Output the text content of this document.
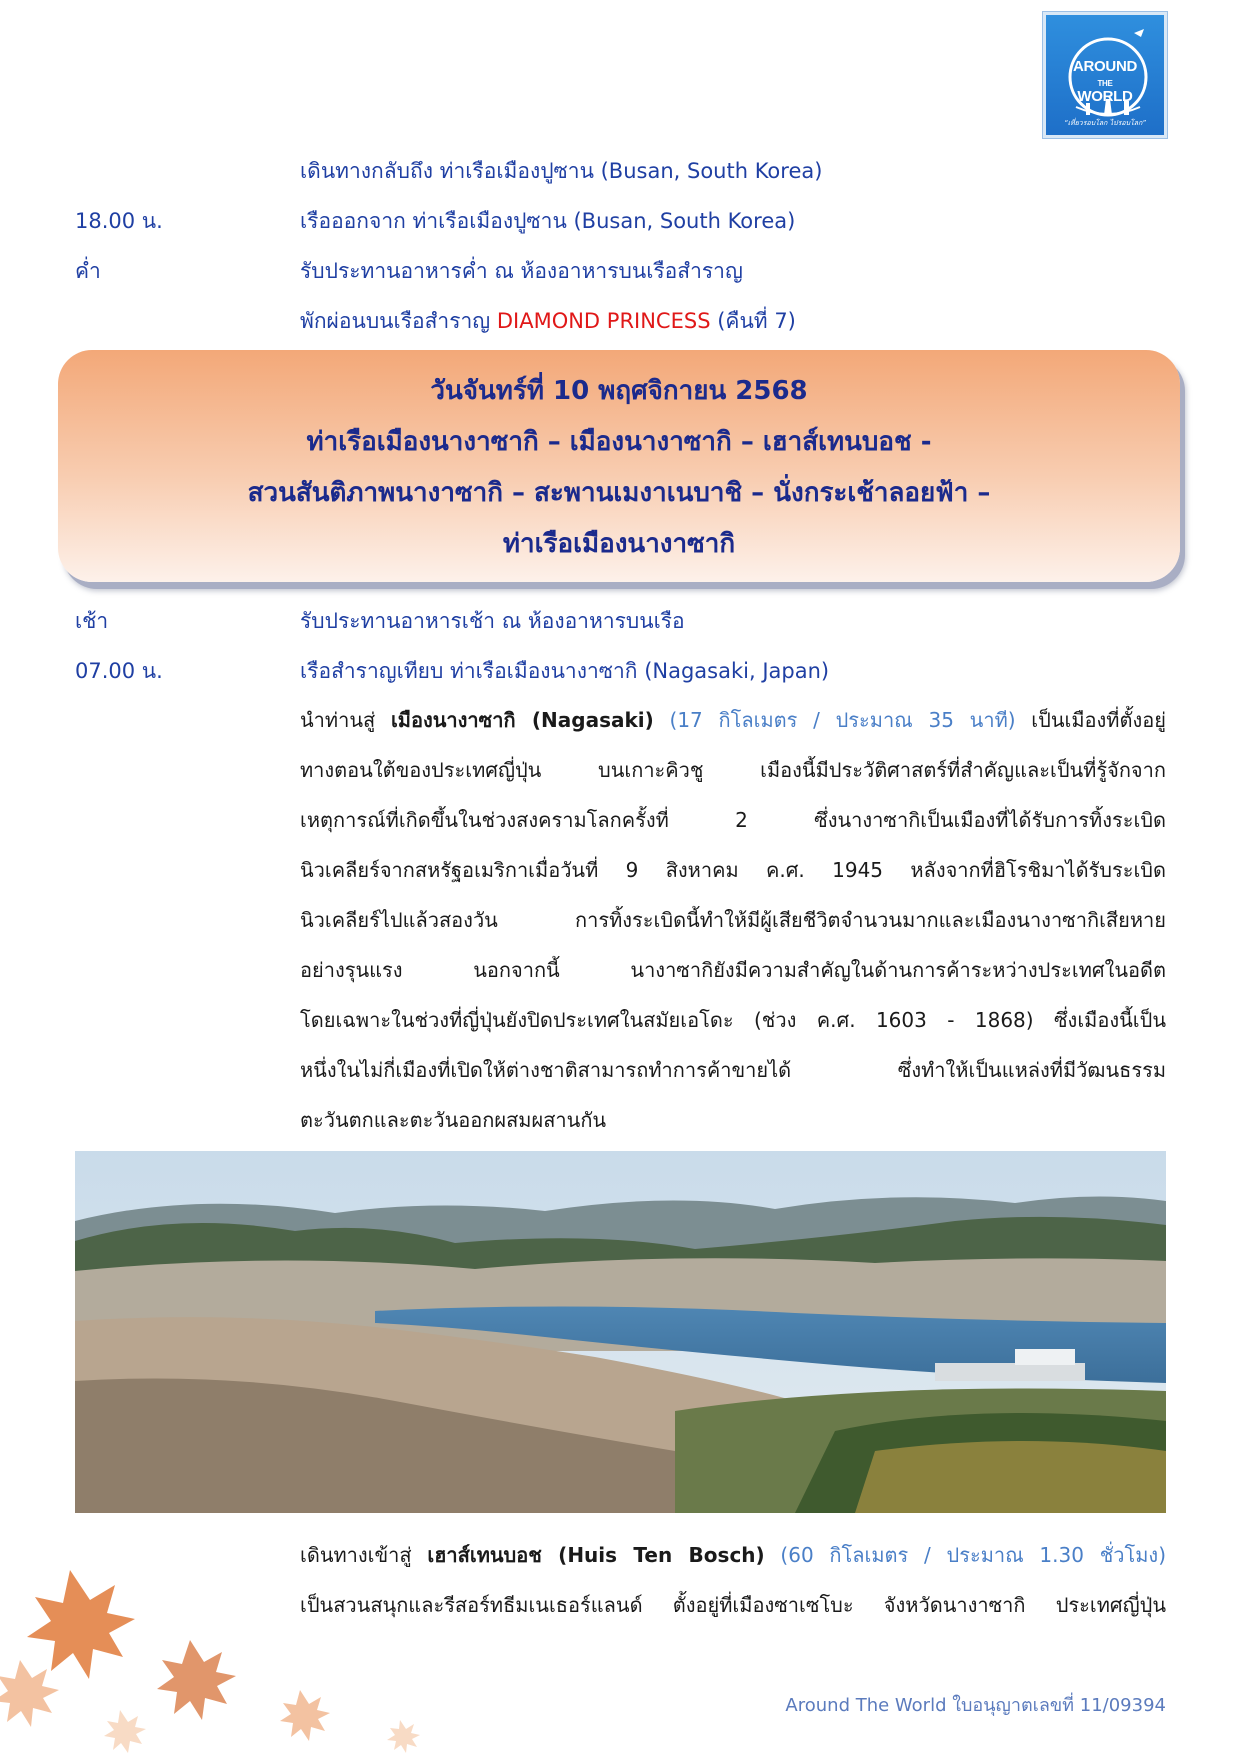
AROUND
THE
WORLD
“เที่ยวรอบโลก ไปรอบโลก”
เดินทางกลับถึง ท่าเรือเมืองปูซาน (Busan, South Korea)
18.00 น.	เรือออกจาก ท่าเรือเมืองปูซาน (Busan, South Korea)
ค่ำ	รับประทานอาหารค่ำ ณ ห้องอาหารบนเรือสำราญ
พักผ่อนบนเรือสำราญ DIAMOND PRINCESS (คืนที่ 7)
วันจันทร์ที่ 10 พฤศจิกายน 2568
ท่าเรือเมืองนางาซากิ – เมืองนางาซากิ – เฮาส์เทนบอช -
สวนสันติภาพนางาซากิ – สะพานเมงาเนบาชิ – นั่งกระเช้าลอยฟ้า –
ท่าเรือเมืองนางาซากิ
เช้า	รับประทานอาหารเช้า ณ ห้องอาหารบนเรือ
07.00 น.	เรือสำราญเทียบ ท่าเรือเมืองนางาซากิ (Nagasaki, Japan)
นำท่านสู่ เมืองนางาซากิ (Nagasaki) (17 กิโลเมตร / ประมาณ 35 นาที) เป็นเมืองที่ตั้งอยู่
ทางตอนใต้ของประเทศญี่ปุ่น บนเกาะคิวชู เมืองนี้มีประวัติศาสตร์ที่สำคัญและเป็นที่รู้จักจาก
เหตุการณ์ที่เกิดขึ้นในช่วงสงครามโลกครั้งที่ 2 ซึ่งนางาซากิเป็นเมืองที่ได้รับการทิ้งระเบิด
นิวเคลียร์จากสหรัฐอเมริกาเมื่อวันที่ 9 สิงหาคม ค.ศ. 1945 หลังจากที่ฮิโรชิมาได้รับระเบิด
นิวเคลียร์ไปแล้วสองวัน การทิ้งระเบิดนี้ทำให้มีผู้เสียชีวิตจำนวนมากและเมืองนางาซากิเสียหาย
อย่างรุนแรง นอกจากนี้ นางาซากิยังมีความสำคัญในด้านการค้าระหว่างประเทศในอดีต
โดยเฉพาะในช่วงที่ญี่ปุ่นยังปิดประเทศในสมัยเอโดะ (ช่วง ค.ศ. 1603 - 1868) ซึ่งเมืองนี้เป็น
หนึ่งในไม่กี่เมืองที่เปิดให้ต่างชาติสามารถทำการค้าขายได้ ซึ่งทำให้เป็นแหล่งที่มีวัฒนธรรม
ตะวันตกและตะวันออกผสมผสานกัน
เดินทางเข้าสู่ เฮาส์เทนบอช (Huis Ten Bosch) (60 กิโลเมตร / ประมาณ 1.30 ชั่วโมง)
เป็นสวนสนุกและรีสอร์ทธีมเนเธอร์แลนด์ ตั้งอยู่ที่เมืองซาเซโบะ จังหวัดนางาซากิ ประเทศญี่ปุ่น
Around The World ใบอนุญาตเลขที่ 11/09394
